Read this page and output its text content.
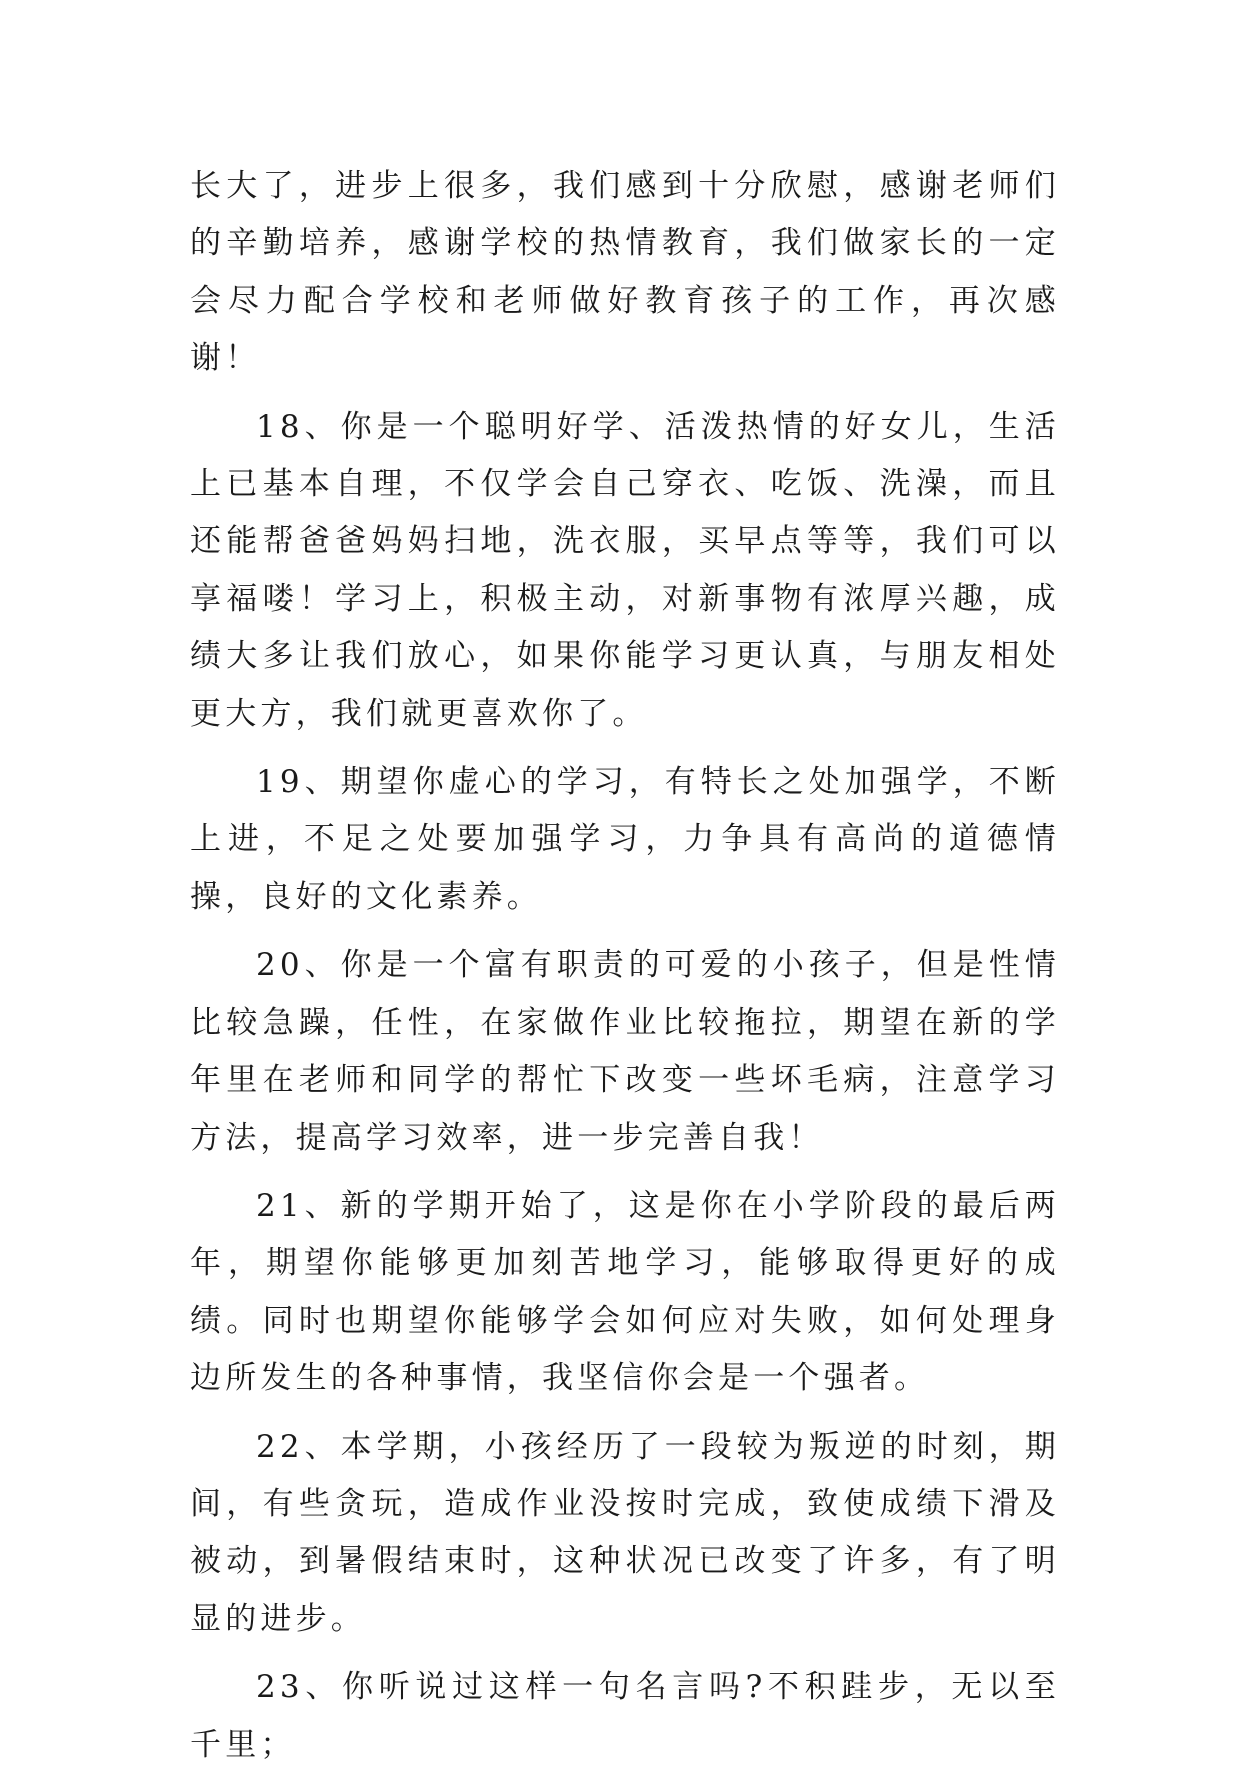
长大了，进步上很多，我们感到十分欣慰，感谢老师们的辛勤培养，感谢学校的热情教育，我们做家长的一定会尽力配合学校和老师做好教育孩子的工作，再次感谢！

18、你是一个聪明好学、活泼热情的好女儿，生活上已基本自理，不仅学会自己穿衣、吃饭、洗澡，而且还能帮爸爸妈妈扫地，洗衣服，买早点等等，我们可以享福喽！学习上，积极主动，对新事物有浓厚兴趣，成绩大多让我们放心，如果你能学习更认真，与朋友相处更大方，我们就更喜欢你了。

19、期望你虚心的学习，有特长之处加强学，不断上进，不足之处要加强学习，力争具有高尚的道德情操，良好的文化素养。

20、你是一个富有职责的可爱的小孩子，但是性情比较急躁，任性，在家做作业比较拖拉，期望在新的学年里在老师和同学的帮忙下改变一些坏毛病，注意学习方法，提高学习效率，进一步完善自我！

21、新的学期开始了，这是你在小学阶段的最后两年，期望你能够更加刻苦地学习，能够取得更好的成绩。同时也期望你能够学会如何应对失败，如何处理身边所发生的各种事情，我坚信你会是一个强者。

22、本学期，小孩经历了一段较为叛逆的时刻，期间，有些贪玩，造成作业没按时完成，致使成绩下滑及被动，到暑假结束时，这种状况已改变了许多，有了明显的进步。

23、你听说过这样一句名言吗?不积跬步，无以至千里；
